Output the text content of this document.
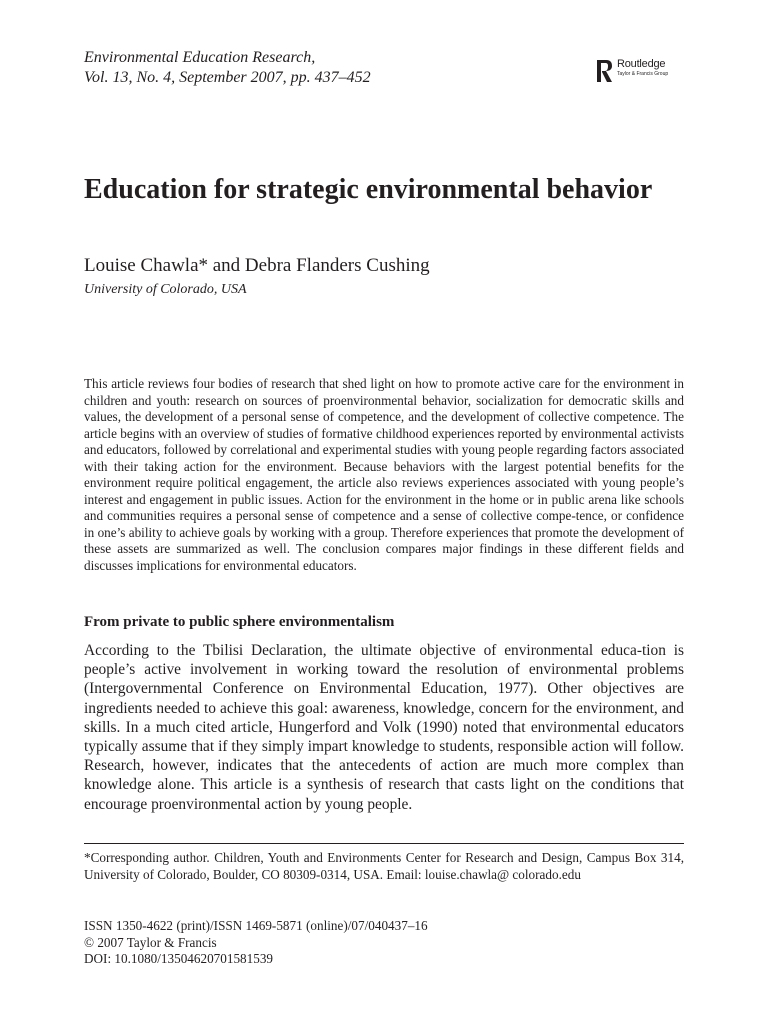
Environmental Education Research,
Vol. 13, No. 4, September 2007, pp. 437–452
Routledge
Taylor & Francis Group
Education for strategic environmental behavior
Louise Chawla* and Debra Flanders Cushing
University of Colorado, USA

This article reviews four bodies of research that shed light on how to promote active care for the environment in children and youth: research on sources of proenvironmental behavior, socialization for democratic skills and values, the development of a personal sense of competence, and the development of collective competence. The article begins with an overview of studies of formative childhood experiences reported by environmental activists and educators, followed by correlational and experimental studies with young people regarding factors associated with their taking action for the environment. Because behaviors with the largest potential benefits for the environment require political engagement, the article also reviews experiences associated with young people’s interest and engagement in public issues. Action for the environment in the home or in public arena like schools and communities requires a personal sense of competence and a sense of collective compe-tence, or confidence in one’s ability to achieve goals by working with a group. Therefore experiences that promote the development of these assets are summarized as well. The conclusion compares major findings in these different fields and discusses implications for environmental educators.

From private to public sphere environmentalism

According to the Tbilisi Declaration, the ultimate objective of environmental educa-tion is people’s active involvement in working toward the resolution of environmental problems (Intergovernmental Conference on Environmental Education, 1977). Other objectives are ingredients needed to achieve this goal: awareness, knowledge, concern for the environment, and skills. In a much cited article, Hungerford and Volk (1990) noted that environmental educators typically assume that if they simply impart knowledge to students, responsible action will follow. Research, however, indicates that the antecedents of action are much more complex than knowledge alone. This article is a synthesis of research that casts light on the conditions that encourage proenvironmental action by young people.

*Corresponding author. Children, Youth and Environments Center for Research and Design, Campus Box 314, University of Colorado, Boulder, CO 80309-0314, USA. Email: louise.chawla@ colorado.edu

ISSN 1350-4622 (print)/ISSN 1469-5871 (online)/07/040437–16
© 2007 Taylor & Francis
DOI: 10.1080/13504620701581539
